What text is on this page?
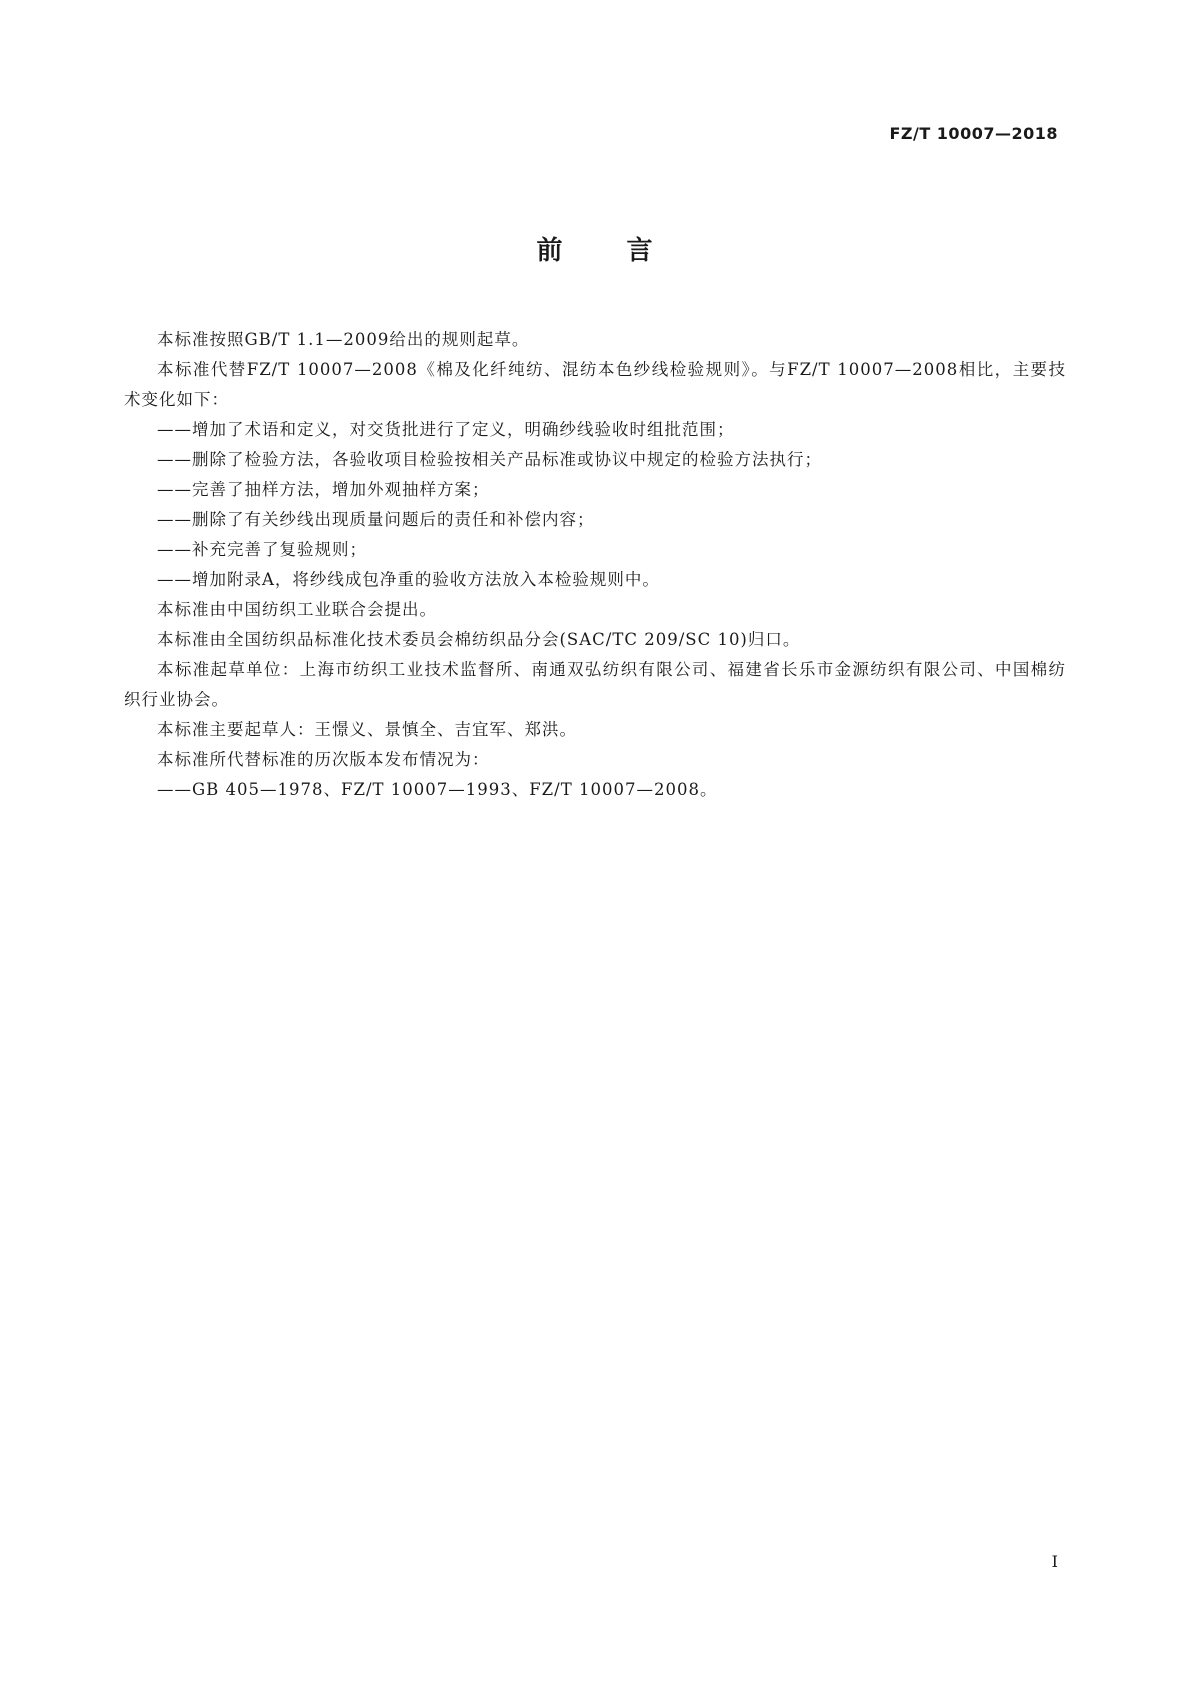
FZ/T 10007—2018
前 言

本标准按照GB/T 1.1—2009给出的规则起草。

本标准代替FZ/T 10007—2008《棉及化纤纯纺、混纺本色纱线检验规则》。与FZ/T 10007—2008相比，主要技术变化如下：

——增加了术语和定义，对交货批进行了定义，明确纱线验收时组批范围；

——删除了检验方法，各验收项目检验按相关产品标准或协议中规定的检验方法执行；

——完善了抽样方法，增加外观抽样方案；

——删除了有关纱线出现质量问题后的责任和补偿内容；

——补充完善了复验规则；

——增加附录A，将纱线成包净重的验收方法放入本检验规则中。

本标准由中国纺织工业联合会提出。

本标准由全国纺织品标准化技术委员会棉纺织品分会(SAC/TC 209/SC 10)归口。

本标准起草单位：上海市纺织工业技术监督所、南通双弘纺织有限公司、福建省长乐市金源纺织有限公司、中国棉纺织行业协会。

本标准主要起草人：王憬义、景慎全、吉宜军、郑洪。

本标准所代替标准的历次版本发布情况为：

——GB 405—1978、FZ/T 10007—1993、FZ/T 10007—2008。

I
